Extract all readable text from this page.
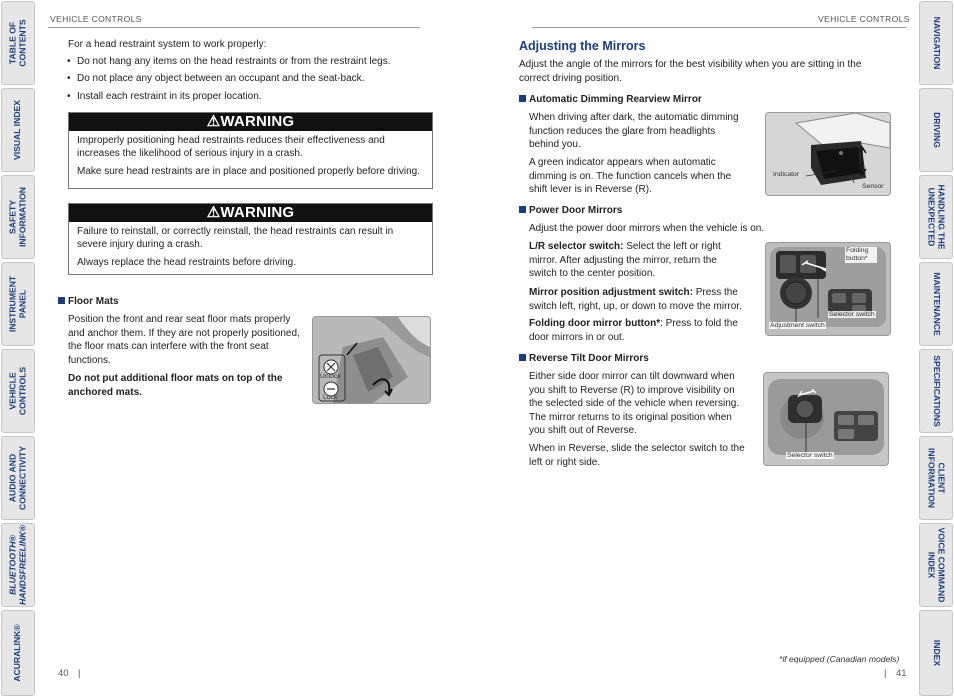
TABLE OF CONTENTS
VISUAL INDEX
SAFETY INFORMATION
INSTRUMENT PANEL
VEHICLE CONTROLS
AUDIO AND CONNECTIVITY
BLUETOOTH® HANDSFREELINK®
ACURALINK®
NAVIGATION
DRIVING
HANDLING THE UNEXPECTED
MAINTENANCE
SPECIFICATIONS
CLIENT INFORMATION
VOICE COMMAND INDEX
INDEX
VEHICLE CONTROLS
For a head restraint system to work properly:
• Do not hang any items on the head restraints or from the restraint legs.
• Do not place any object between an occupant and the seat-back.
• Install each restraint in its proper location.
⚠WARNING
Improperly positioning head restraints reduces their effectiveness and increases the likelihood of serious injury in a crash.
Make sure head restraints are in place and positioned properly before driving.
⚠WARNING
Failure to reinstall, or correctly reinstall, the head restraints can result in severe injury during a crash.
Always replace the head restraints before driving.
Floor Mats
Position the front and rear seat floor mats properly and anchor them. If they are not properly positioned, the floor mats can interfere with the front seat functions.
Do not put additional floor mats on top of the anchored mats.
Unlock
Lock
40 |
VEHICLE CONTROLS
Adjusting the Mirrors
Adjust the angle of the mirrors for the best visibility when you are sitting in the correct driving position.
Automatic Dimming Rearview Mirror
When driving after dark, the automatic dimming function reduces the glare from headlights behind you.
A green indicator appears when automatic dimming is on. The function cancels when the shift lever is in Reverse (R).
Indicator
Sensor
Power Door Mirrors
Adjust the power door mirrors when the vehicle is on.
L/R selector switch: Select the left or right mirror. After adjusting the mirror, return the switch to the center position.
Mirror position adjustment switch: Press the switch left, right, up, or down to move the mirror.
Folding door mirror button*: Press to fold the door mirrors in or out.
Folding button*
Selector switch
Adjustment switch
Reverse Tilt Door Mirrors
Either side door mirror can tilt downward when you shift to Reverse (R) to improve visibility on the selected side of the vehicle when reversing. The mirror returns to its original position when you shift out of Reverse.
When in Reverse, slide the selector switch to the left or right side.
Selector switch
*if equipped (Canadian models)
| 41
